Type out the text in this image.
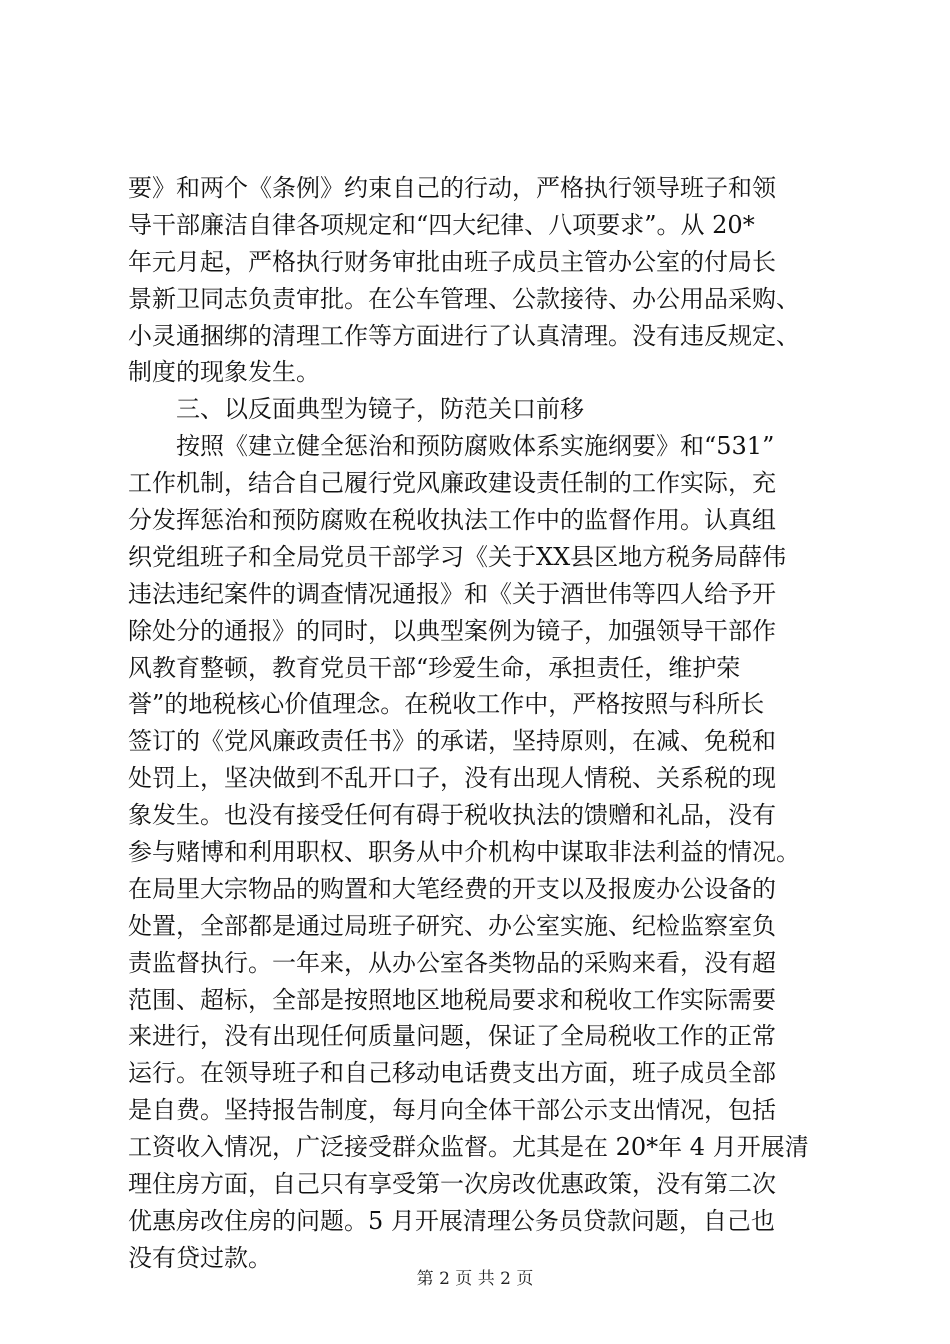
要》和两个《条例》约束自己的行动，严格执行领导班子和领
导干部廉洁自律各项规定和“四大纪律、八项要求”。从 20*
年元月起，严格执行财务审批由班子成员主管办公室的付局长
景新卫同志负责审批。在公车管理、公款接待、办公用品采购、
小灵通捆绑的清理工作等方面进行了认真清理。没有违反规定、
制度的现象发生。
　　三、以反面典型为镜子，防范关口前移
　　按照《建立健全惩治和预防腐败体系实施纲要》和“531”
工作机制，结合自己履行党风廉政建设责任制的工作实际，充
分发挥惩治和预防腐败在税收执法工作中的监督作用。认真组
织党组班子和全局党员干部学习《关于XX县区地方税务局薛伟
违法违纪案件的调查情况通报》和《关于酒世伟等四人给予开
除处分的通报》的同时，以典型案例为镜子，加强领导干部作
风教育整顿，教育党员干部“珍爱生命，承担责任，维护荣
誉”的地税核心价值理念。在税收工作中，严格按照与科所长
签订的《党风廉政责任书》的承诺，坚持原则，在减、免税和
处罚上，坚决做到不乱开口子，没有出现人情税、关系税的现
象发生。也没有接受任何有碍于税收执法的馈赠和礼品，没有
参与赌博和利用职权、职务从中介机构中谋取非法利益的情况。
在局里大宗物品的购置和大笔经费的开支以及报废办公设备的
处置，全部都是通过局班子研究、办公室实施、纪检监察室负
责监督执行。一年来，从办公室各类物品的采购来看，没有超
范围、超标，全部是按照地区地税局要求和税收工作实际需要
来进行，没有出现任何质量问题，保证了全局税收工作的正常
运行。在领导班子和自己移动电话费支出方面，班子成员全部
是自费。坚持报告制度，每月向全体干部公示支出情况，包括
工资收入情况，广泛接受群众监督。尤其是在 20*年 4 月开展清
理住房方面，自己只有享受第一次房改优惠政策，没有第二次
优惠房改住房的问题。5 月开展清理公务员贷款问题，自己也
没有贷过款。
第 2 页 共 2 页
